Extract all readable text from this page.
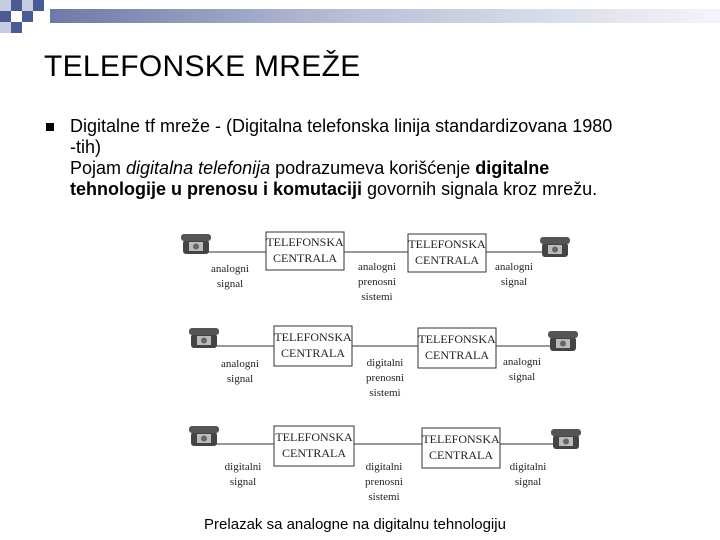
TELEFONSKE MREŽE
Digitalne tf mreže - (Digitalna telefonska linija standardizovana 1980
-tih)
Pojam digitalna telefonija podrazumeva korišćenje digitalne
tehnologije u prenosu i komutaciji govornih signala kroz mrežu.
TELEFONSKA
CENTRALA
TELEFONSKA
CENTRALA
analogni
signal
analogni
prenosni
sistemi
analogni
signal
TELEFONSKA
CENTRALA
TELEFONSKA
CENTRALA
analogni
signal
digitalni
prenosni
sistemi
analogni
signal
TELEFONSKA
CENTRALA
TELEFONSKA
CENTRALA
digitalni
signal
digitalni
prenosni
sistemi
digitalni
signal
Prelazak sa analogne na digitalnu tehnologiju
